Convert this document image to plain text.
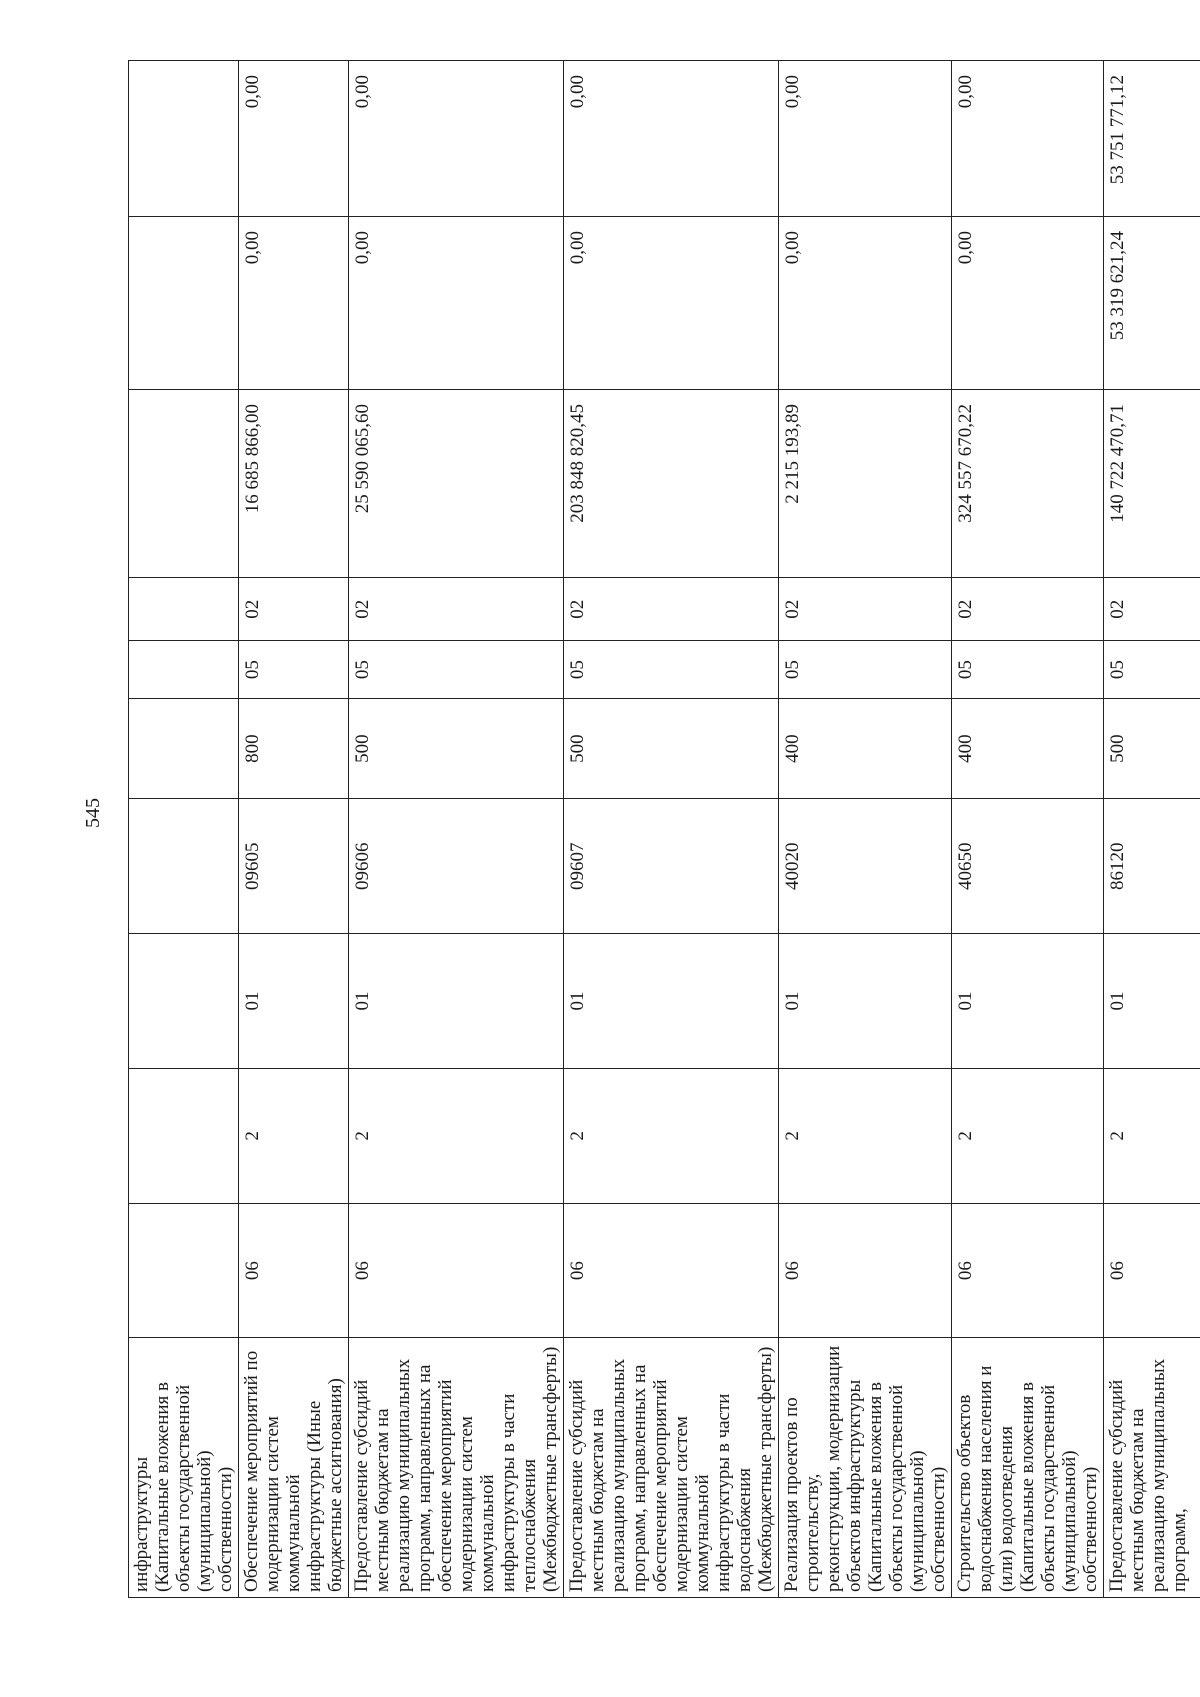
545
инфраструктуры (Капитальные вложения в объекты государственной (муниципальной) собственности)										
Обеспечение мероприятий по модернизации систем коммунальной инфраструктуры (Иные бюджетные ассигнования)	06	2	01	09605	800	05	02	16 685 866,00	0,00	0,00
Предоставление субсидий местным бюджетам на реализацию муниципальных программ, направленных на обеспечение мероприятий модернизации систем коммунальной инфраструктуры в части теплоснабжения (Межбюджетные трансферты)	06	2	01	09606	500	05	02	25 590 065,60	0,00	0,00
Предоставление субсидий местным бюджетам на реализацию муниципальных программ, направленных на обеспечение мероприятий модернизации систем коммунальной инфраструктуры в части водоснабжения (Межбюджетные трансферты)	06	2	01	09607	500	05	02	203 848 820,45	0,00	0,00
Реализация проектов по строительству, реконструкции, модернизации объектов инфраструктуры (Капитальные вложения в объекты государственной (муниципальной) собственности)	06	2	01	40020	400	05	02	2 215 193,89	0,00	0,00
Строительство объектов водоснабжения населения и (или) водоотведения (Капитальные вложения в объекты государственной (муниципальной) собственности)	06	2	01	40650	400	05	02	324 557 670,22	0,00	0,00
Предоставление субсидий местным бюджетам на реализацию муниципальных программ,	06	2	01	86120	500	05	02	140 722 470,71	53 319 621,24	53 751 771,12
